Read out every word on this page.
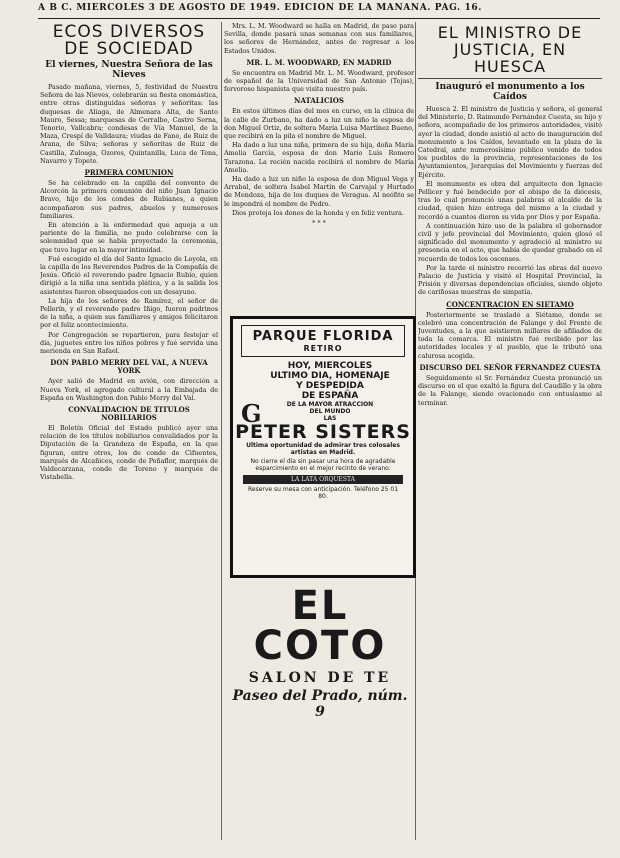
A B C. MIERCOLES 3 DE AGOSTO DE 1949. EDICION DE LA MAÑANA. PAG. 16.
ECOS DIVERSOS DE SOCIEDAD
El viernes, Nuestra Señora de las Nieves

Pasado mañana, viernes, 5, festividad de Nuestra Señora de las Nieves, celebrarán su fiesta onomástica, entre otras distinguidas señoras y señoritas: las duquesas de Aliaga, de Almenara Alta, de Santo Mauro, Sessa; marquesas de Cerralbo, Castro Serna, Tenorio, Vallcabra; condesas de Vía Manuel, de la Maza, Crespí de Valldaura; viudas de Fano, de Ruiz de Arana, de Silva; señoras y señoritas de Ruiz de Castilla, Zuloaga, Ozores, Quintanilla, Luca de Tena, Navarro y Topete.

PRIMERA COMUNION

Se ha celebrado en la capilla del convento de Alcorcón la primera comunión del niño Juan Ignacio Bravo, hijo de los condes de Rubianes, a quien acompañaron sus padres, abuelos y numerosos familiares.

En atención a la enfermedad que aqueja a un pariente de la familia, no pudo celebrarse con la solemnidad que se había proyectado la ceremonia, que tuvo lugar en la mayor intimidad.

Fué escogido el día del Santo Ignacio de Loyola, en la capilla de los Reverendos Padres de la Compañía de Jesús. Ofició el reverendo padre Ignacio Rubio, quien dirigió a la niña una sentida plática, y a la salida los asistentes fueron obsequiados con un desayuno.

La hija de los señores de Ramírez, el señor de Pellerín, y el reverendo padre Iñigo, fueron padrinos de la niña, a quien sus familiares y amigos felicitaron por el feliz acontecimiento.

Por Congregación se repartieron, para festejar el día, juguetes entre los niños pobres y fué servida una merienda en San Rafael.

DON PABLO MERRY DEL VAL, A NUEVA YORK

Ayer salió de Madrid en avión, con dirección a Nueva York, el agregado cultural a la Embajada de España en Washington don Pablo Merry del Val.

CONVALIDACION DE TITULOS NOBILIARIOS

El Boletín Oficial del Estado publicó ayer una relación de los títulos nobiliarios convalidados por la Diputación de la Grandeza de España, en la que figuran, entre otros, los de conde de Cifuentes, marqués de Alcañices, conde de Peñaflor, marqués de Valdecarzana, conde de Toreno y marqués de Vistabella.

Mrs. L. M. Woodward se halla en Madrid, de paso para Sevilla, donde pasará unas semanas con sus familiares, los señores de Hernández, antes de regresar a los Estados Unidos.

MR. L. M. WOODWARD, EN MADRID

Se encuentra en Madrid Mr. L. M. Woodward, profesor de español de la Universidad de San Antonio (Tejas), fervoroso hispanista que visita nuestro país.

NATALICIOS

En estos últimos días del mes en curso, en la clínica de la calle de Zurbano, ha dado a luz un niño la esposa de don Miguel Ortiz, de soltera María Luisa Martínez Bueno, que recibirá en la pila el nombre de Miguel.

Ha dado a luz una niña, primera de su hija, doña María Amelia García, esposa de don Mario Luis Romero Tarazona. La recién nacida recibirá el nombre de María Amelia.

Ha dado a luz un niño la esposa de don Miguel Vega y Arrabal, de soltera Isabel Martín de Carvajal y Hurtado de Mendoza, hija de los duques de Veragua. Al neófito se le impondrá el nombre de Pedro.

Dios proteja los dones de la honda y en feliz ventura.

* * *
G
PARQUE FLORIDA
RETIRO
HOY, MIERCOLES
ULTIMO DIA, HOMENAJE
Y DESPEDIDA
DE ESPAÑA
DE LA MAYOR ATRACCION
DEL MUNDO
LAS
PETER SISTERS
Ultima oportunidad de admirar tres colosales artistas en Madrid.
No cierre el día sin pasar una hora de agradable esparcimiento en el mejor recinto de verano.
LA LATA ORQUESTA
Reserve su mesa con anticipación. Teléfono 25 01 80.
EL COTO
SALON DE TE
Paseo del Prado, núm. 9
EL MINISTRO DE JUSTICIA, EN HUESCA
Inauguró el monumento a los Caídos

Huesca 2. El ministro de Justicia y señora, el general del Ministerio, D. Raimundo Fernández Cuesta, su hijo y señora, acompañado de los primeros autoridades, visitó ayer la ciudad, donde asistió al acto de inauguración del monumento a los Caídos, levantado en la plaza de la Catedral, ante numerosísimo público venido de todos los pueblos de la provincia, representaciones de los Ayuntamientos, Jerarquías del Movimiento y fuerzas del Ejército.

El monumento es obra del arquitecto don Ignacio Pellicer y fué bendecido por el obispo de la diócesis, tras lo cual pronunció unas palabras el alcalde de la ciudad, quien hizo entrega del mismo a la ciudad y recordó a cuantos dieron su vida por Dios y por España.

A continuación hizo uso de la palabra el gobernador civil y jefe provincial del Movimiento, quien glosó el significado del monumento y agradeció al ministro su presencia en el acto, que había de quedar grabado en el recuerdo de todos los oscenses.

Por la tarde el ministro recorrió las obras del nuevo Palacio de Justicia y visitó el Hospital Provincial, la Prisión y diversas dependencias oficiales, siendo objeto de cariñosas muestras de simpatía.

CONCENTRACION EN SIETAMO

Posteriormente se trasladó a Siétamo, donde se celebró una concentración de Falange y del Frente de Juventudes, a la que asistieron millares de afiliados de toda la comarca. El ministro fué recibido por las autoridades locales y el pueblo, que le tributó una calurosa acogida.

DISCURSO DEL SEÑOR FERNANDEZ CUESTA

Seguidamente el Sr. Fernández Cuesta pronunció un discurso en el que exaltó la figura del Caudillo y la obra de la Falange, siendo ovacionado con entusiasmo al terminar.
